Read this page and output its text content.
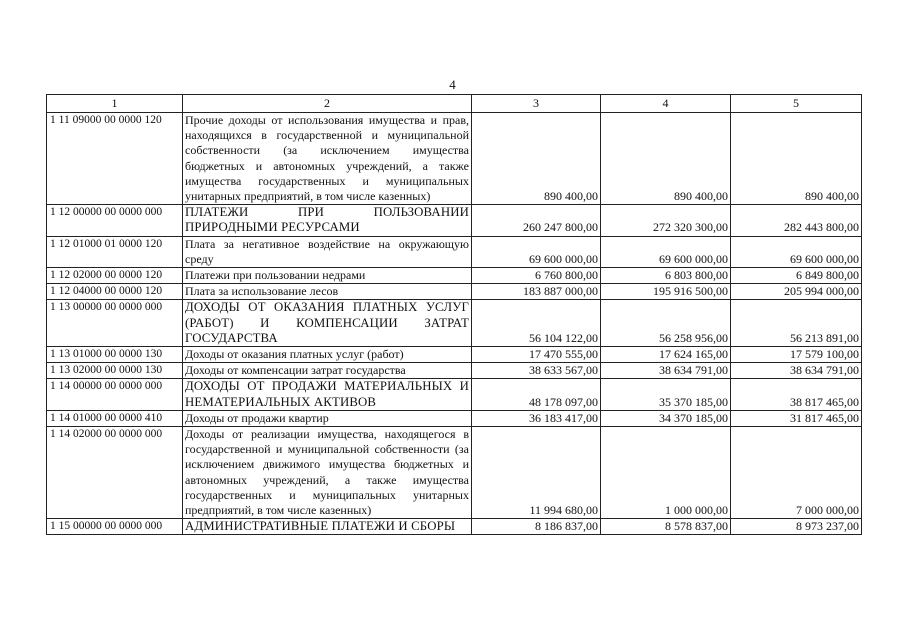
4
1	2	3	4	5
1 11 09000 00 0000 120	Прочие доходы от использования имущества и прав, находящихся в государственной и муниципальной собственности (за исключением имущества бюджетных и автономных учреждений, а также имущества государственных и муниципальных унитарных предприятий, в том числе казенных)	890 400,00	890 400,00	890 400,00
1 12 00000 00 0000 000	ПЛАТЕЖИ ПРИ ПОЛЬЗОВАНИИ ПРИРОДНЫМИ РЕСУРСАМИ	260 247 800,00	272 320 300,00	282 443 800,00
1 12 01000 01 0000 120	Плата за негативное воздействие на окружающую среду	69 600 000,00	69 600 000,00	69 600 000,00
1 12 02000 00 0000 120	Платежи при пользовании недрами	6 760 800,00	6 803 800,00	6 849 800,00
1 12 04000 00 0000 120	Плата за использование лесов	183 887 000,00	195 916 500,00	205 994 000,00
1 13 00000 00 0000 000	ДОХОДЫ ОТ ОКАЗАНИЯ ПЛАТНЫХ УСЛУГ (РАБОТ) И КОМПЕНСАЦИИ ЗАТРАТ ГОСУДАРСТВА	56 104 122,00	56 258 956,00	56 213 891,00
1 13 01000 00 0000 130	Доходы от оказания платных услуг (работ)	17 470 555,00	17 624 165,00	17 579 100,00
1 13 02000 00 0000 130	Доходы от компенсации затрат государства	38 633 567,00	38 634 791,00	38 634 791,00
1 14 00000 00 0000 000	ДОХОДЫ ОТ ПРОДАЖИ МАТЕРИАЛЬНЫХ И НЕМАТЕРИАЛЬНЫХ АКТИВОВ	48 178 097,00	35 370 185,00	38 817 465,00
1 14 01000 00 0000 410	Доходы от продажи квартир	36 183 417,00	34 370 185,00	31 817 465,00
1 14 02000 00 0000 000	Доходы от реализации имущества, находящегося в государственной и муниципальной собственности (за исключением движимого имущества бюджетных и автономных учреждений, а также имущества государственных и муниципальных унитарных предприятий, в том числе казенных)	11 994 680,00	1 000 000,00	7 000 000,00
1 15 00000 00 0000 000	АДМИНИСТРАТИВНЫЕ ПЛАТЕЖИ И СБОРЫ	8 186 837,00	8 578 837,00	8 973 237,00
